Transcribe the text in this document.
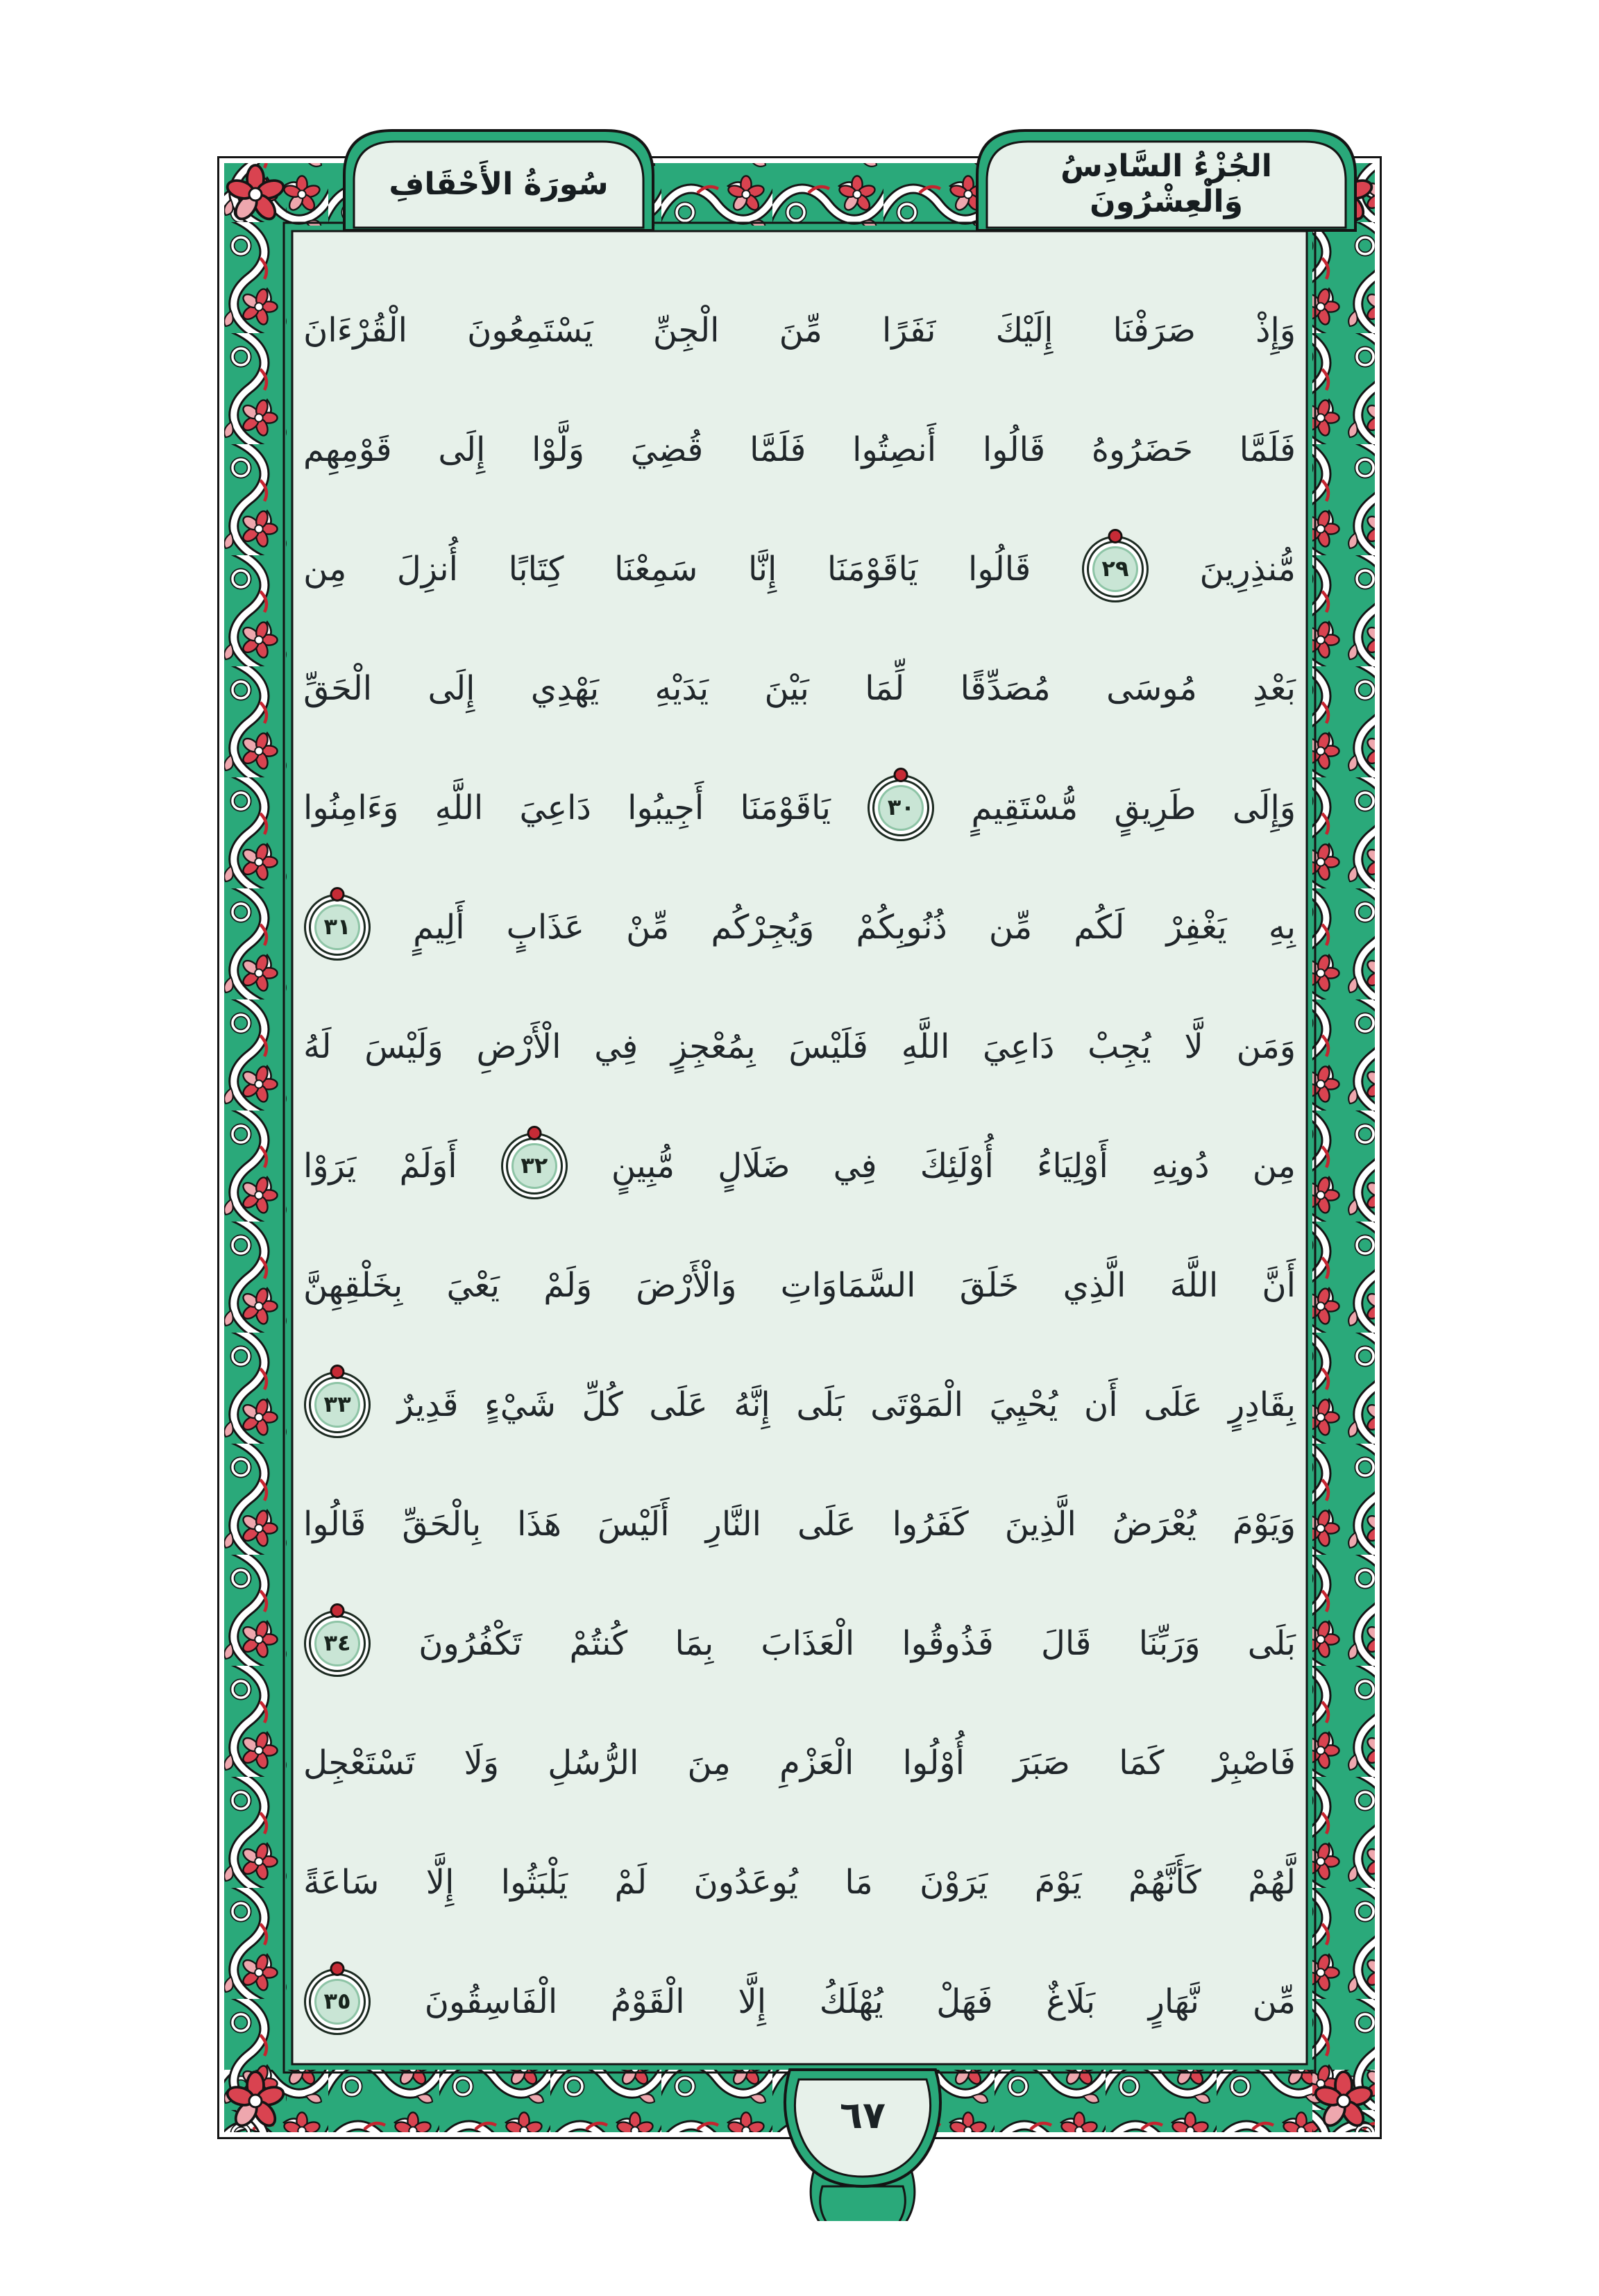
سُورَةُ الأَحْقَافِ	الجُزْءُ السَّادِسُ وَالْعِشْرُونَ
وَإِذْ
صَرَفْنَا
إِلَيْكَ
نَفَرًا
مِّنَ
الْجِنِّ
يَسْتَمِعُونَ
الْقُرْءَانَ
فَلَمَّا
حَضَرُوهُ
قَالُوا
أَنصِتُوا
فَلَمَّا
قُضِيَ
وَلَّوْا
إِلَى
قَوْمِهِم
مُّنذِرِينَ
٢٩
قَالُوا
يَاقَوْمَنَا
إِنَّا
سَمِعْنَا
كِتَابًا
أُنزِلَ
مِن
بَعْدِ
مُوسَى
مُصَدِّقًا
لِّمَا
بَيْنَ
يَدَيْهِ
يَهْدِي
إِلَى
الْحَقِّ
وَإِلَى
طَرِيقٍ
مُّسْتَقِيمٍ
٣٠
يَاقَوْمَنَا
أَجِيبُوا
دَاعِيَ
اللَّهِ
وَءَامِنُوا
بِهِ
يَغْفِرْ
لَكُم
مِّن
ذُنُوبِكُمْ
وَيُجِرْكُم
مِّنْ
عَذَابٍ
أَلِيمٍ
٣١
وَمَن
لَّا
يُجِبْ
دَاعِيَ
اللَّهِ
فَلَيْسَ
بِمُعْجِزٍ
فِي
الْأَرْضِ
وَلَيْسَ
لَهُ
مِن
دُونِهِ
أَوْلِيَاءُ
أُوْلَئِكَ
فِي
ضَلَالٍ
مُّبِينٍ
٣٢
أَوَلَمْ
يَرَوْا
أَنَّ
اللَّهَ
الَّذِي
خَلَقَ
السَّمَاوَاتِ
وَالْأَرْضَ
وَلَمْ
يَعْيَ
بِخَلْقِهِنَّ
بِقَادِرٍ
عَلَى
أَن
يُحْيِيَ
الْمَوْتَى
بَلَى
إِنَّهُ
عَلَى
كُلِّ
شَيْءٍ
قَدِيرٌ
٣٣
وَيَوْمَ
يُعْرَضُ
الَّذِينَ
كَفَرُوا
عَلَى
النَّارِ
أَلَيْسَ
هَذَا
بِالْحَقِّ
قَالُوا
بَلَى
وَرَبِّنَا
قَالَ
فَذُوقُوا
الْعَذَابَ
بِمَا
كُنتُمْ
تَكْفُرُونَ
٣٤
فَاصْبِرْ
كَمَا
صَبَرَ
أُوْلُوا
الْعَزْمِ
مِنَ
الرُّسُلِ
وَلَا
تَسْتَعْجِل
لَّهُمْ
كَأَنَّهُمْ
يَوْمَ
يَرَوْنَ
مَا
يُوعَدُونَ
لَمْ
يَلْبَثُوا
إِلَّا
سَاعَةً
مِّن
نَّهَارٍ
بَلَاغٌ
فَهَلْ
يُهْلَكُ
إِلَّا
الْقَوْمُ
الْفَاسِقُونَ
٣٥
٦٧
